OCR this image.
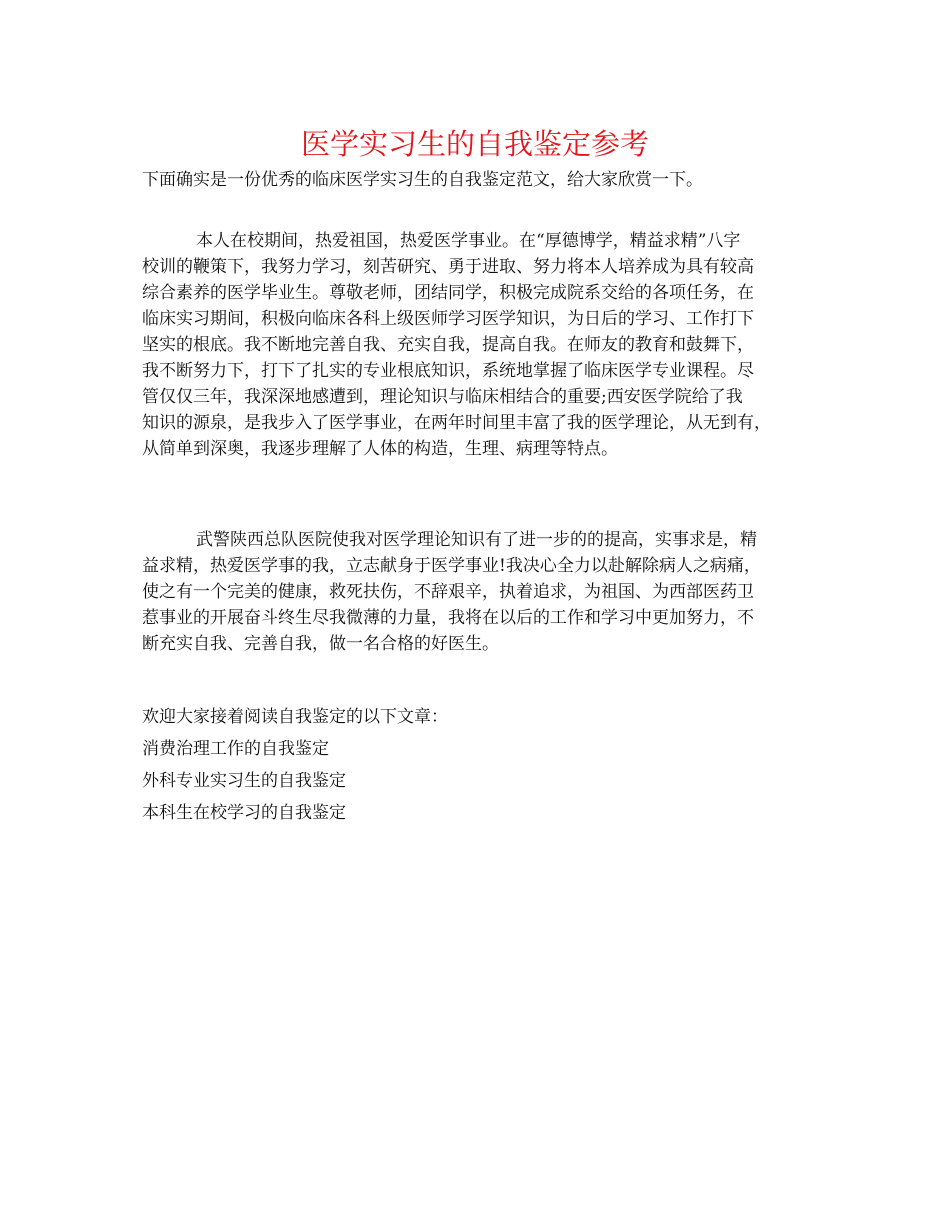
医学实习生的自我鉴定参考

下面确实是一份优秀的临床医学实习生的自我鉴定范文，给大家欣赏一下。

本人在校期间，热爱祖国，热爱医学事业。在“厚德博学，精益求精”八字

校训的鞭策下，我努力学习，刻苦研究、勇于进取、努力将本人培养成为具有较高

综合素养的医学毕业生。尊敬老师，团结同学，积极完成院系交给的各项任务，在

临床实习期间，积极向临床各科上级医师学习医学知识，为日后的学习、工作打下

坚实的根底。我不断地完善自我、充实自我，提高自我。在师友的教育和鼓舞下，

我不断努力下，打下了扎实的专业根底知识，系统地掌握了临床医学专业课程。尽

管仅仅三年，我深深地感遭到，理论知识与临床相结合的重要;西安医学院给了我

知识的源泉，是我步入了医学事业，在两年时间里丰富了我的医学理论，从无到有，

从简单到深奥，我逐步理解了人体的构造，生理、病理等特点。

武警陕西总队医院使我对医学理论知识有了进一步的的提高，实事求是，精

益求精，热爱医学事的我，立志献身于医学事业!我决心全力以赴解除病人之病痛，

使之有一个完美的健康，救死扶伤，不辞艰辛，执着追求，为祖国、为西部医药卫

惹事业的开展奋斗终生尽我微薄的力量，我将在以后的工作和学习中更加努力，不

断充实自我、完善自我，做一名合格的好医生。

欢迎大家接着阅读自我鉴定的以下文章：

消费治理工作的自我鉴定

外科专业实习生的自我鉴定

本科生在校学习的自我鉴定
